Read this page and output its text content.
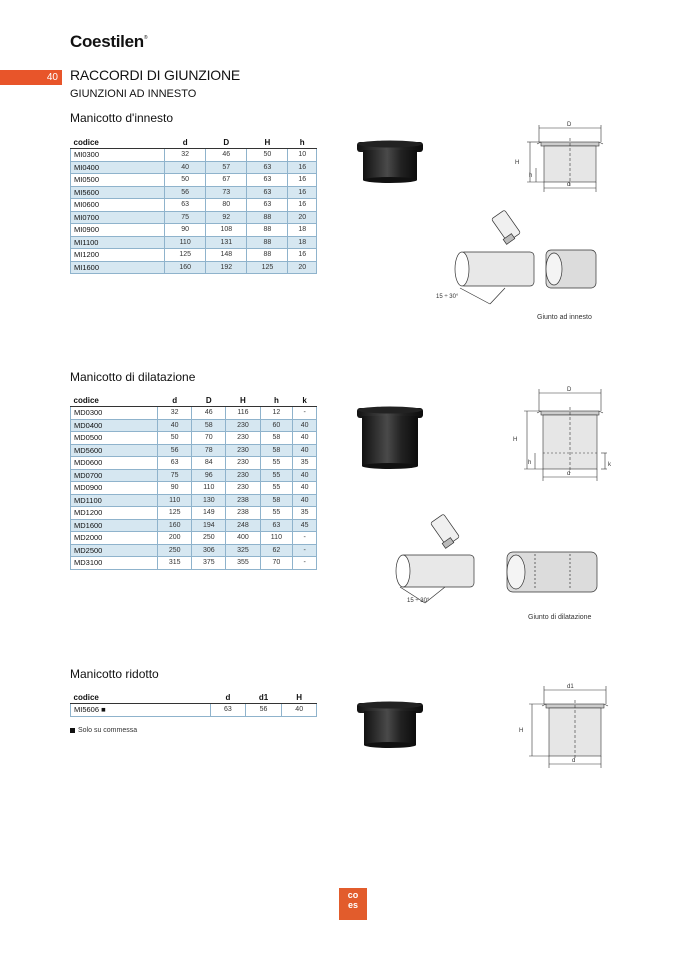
Coestilen®
40 RACCORDI DI GIUNZIONE
GIUNZIONI AD INNESTO
Manicotto d'innesto
codice	d	D	H	h
MI0300	32	46	50	10
MI0400	40	57	63	16
MI0500	50	67	63	16
MI5600	56	73	63	16
MI0600	63	80	63	16
MI0700	75	92	88	20
MI0900	90	108	88	18
MI1100	110	131	88	18
MI1200	125	148	88	16
MI1600	160	192	125	20
Manicotto di dilatazione
codice	d	D	H	h	k
MD0300	32	46	116	12	-
MD0400	40	58	230	60	40
MD0500	50	70	230	58	40
MD5600	56	78	230	58	40
MD0600	63	84	230	55	35
MD0700	75	96	230	55	40
MD0900	90	110	230	55	40
MD1100	110	130	238	58	40
MD1200	125	149	238	55	35
MD1600	160	194	248	63	45
MD2000	200	250	400	110	-
MD2500	250	306	325	62	-
MD3100	315	375	355	70	-
Manicotto ridotto
codice	d	d1	H
MI5606 ■	63	56	40
Solo su commessa
D
H
h
d
15 ÷ 30°
Giunto ad innesto
D
H
h	k
d
15 ÷ 30°
Giunto di dilatazione
d1
H
d
co
es
